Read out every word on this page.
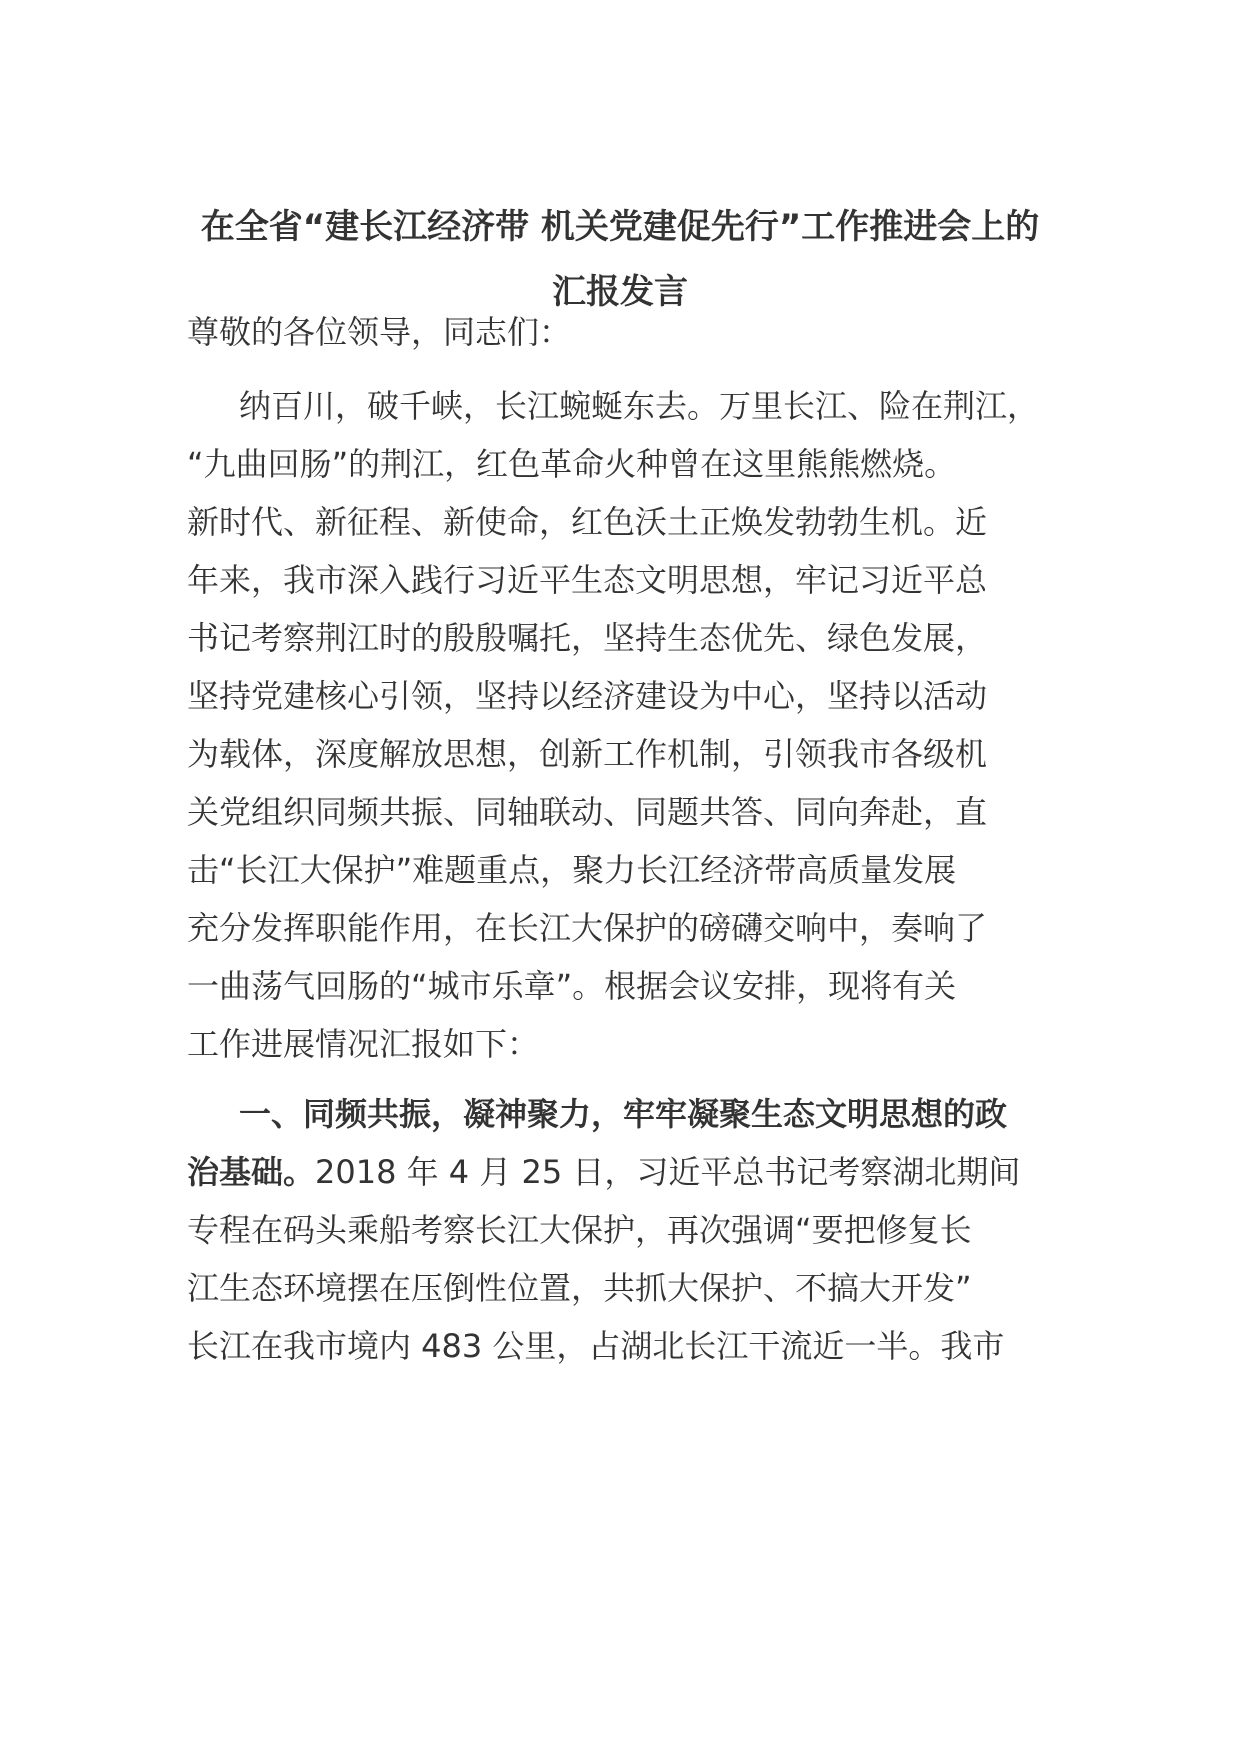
在全省“建长江经济带 机关党建促先行”工作推进会上的
汇报发言
尊敬的各位领导，同志们：
纳百川，破千峡，长江蜿蜒东去。万里长江、险在荆江，
“九曲回肠”的荆江，红色革命火种曾在这里熊熊燃烧。
新时代、新征程、新使命，红色沃土正焕发勃勃生机。近
年来，我市深入践行习近平生态文明思想，牢记习近平总
书记考察荆江时的殷殷嘱托，坚持生态优先、绿色发展，
坚持党建核心引领，坚持以经济建设为中心，坚持以活动
为载体，深度解放思想，创新工作机制，引领我市各级机
关党组织同频共振、同轴联动、同题共答、同向奔赴，直
击“长江大保护”难题重点，聚力长江经济带高质量发展
充分发挥职能作用，在长江大保护的磅礴交响中，奏响了
一曲荡气回肠的“城市乐章”。根据会议安排，现将有关
工作进展情况汇报如下：
一、同频共振，凝神聚力，牢牢凝聚生态文明思想的政
治基础。2018 年 4 月 25 日，习近平总书记考察湖北期间
专程在码头乘船考察长江大保护，再次强调“要把修复长
江生态环境摆在压倒性位置，共抓大保护、不搞大开发”
长江在我市境内 483 公里，占湖北长江干流近一半。我市
